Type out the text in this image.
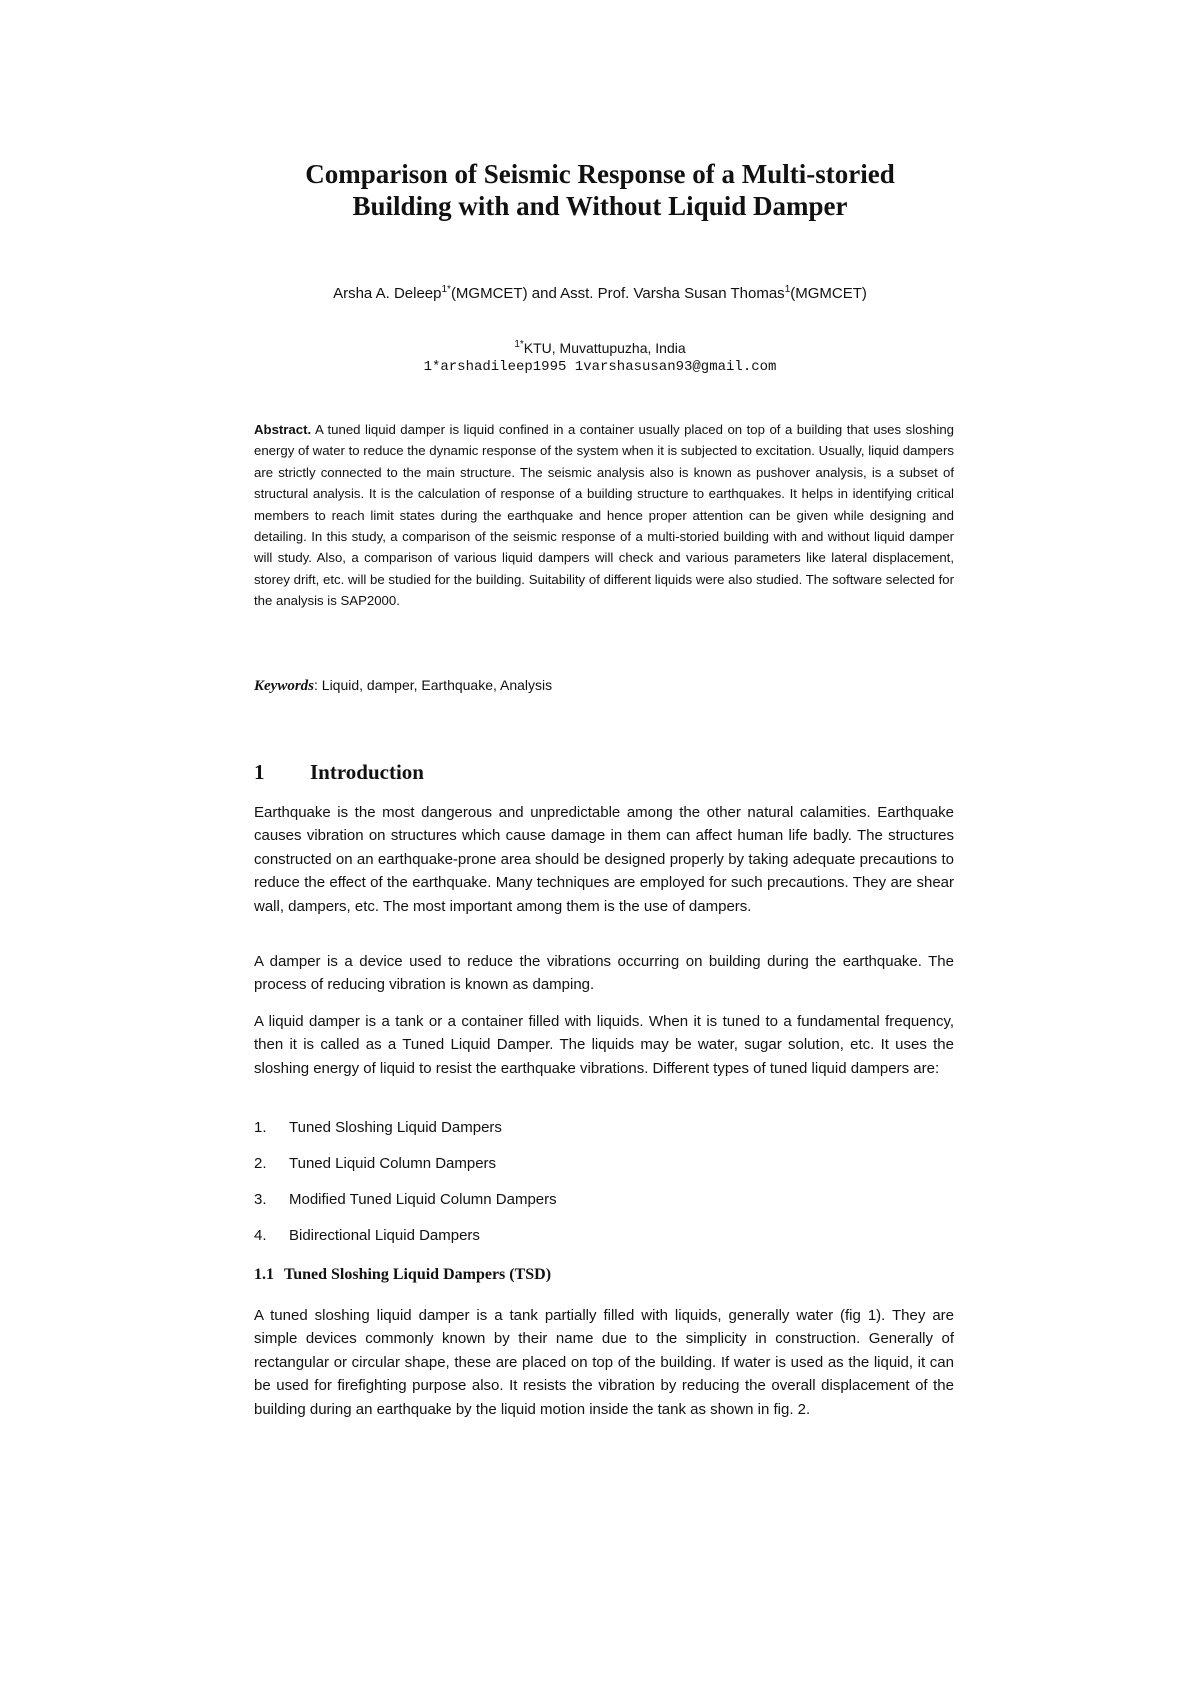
Comparison of Seismic Response of a Multi-storied
Building with and Without Liquid Damper
Arsha A. Deleep$^{1*}$(MGMCET) and Asst. Prof. Varsha Susan Thomas$^1$(MGMCET)
$^{1*}$KTU, Muvattupuzha, India
1*arshadileep1995 1varshasusan93@gmail.com

Abstract. A tuned liquid damper is liquid confined in a container usually placed on top of a building that uses sloshing energy of water to reduce the dynamic response of the system when it is subjected to excitation. Usually, liquid dampers are strictly connected to the main structure. The seismic analysis also is known as pushover analysis, is a subset of structural analysis. It is the calculation of response of a building structure to earthquakes. It helps in identifying critical members to reach limit states during the earthquake and hence proper attention can be given while designing and detailing. In this study, a comparison of the seismic response of a multi-storied building with and without liquid damper will study. Also, a comparison of various liquid dampers will check and various parameters like lateral displacement, storey drift, etc. will be studied for the building. Suitability of different liquids were also studied. The software selected for the analysis is SAP2000.

Keywords: Liquid, damper, Earthquake, Analysis

1 Introduction

Earthquake is the most dangerous and unpredictable among the other natural calamities. Earthquake causes vibration on structures which cause damage in them can affect human life badly. The structures constructed on an earthquake-prone area should be designed properly by taking adequate precautions to reduce the effect of the earthquake. Many techniques are employed for such precautions. They are shear wall, dampers, etc. The most important among them is the use of dampers.

A damper is a device used to reduce the vibrations occurring on building during the earthquake. The process of reducing vibration is known as damping.

A liquid damper is a tank or a container filled with liquids. When it is tuned to a fundamental frequency, then it is called as a Tuned Liquid Damper. The liquids may be water, sugar solution, etc. It uses the sloshing energy of liquid to resist the earthquake vibrations. Different types of tuned liquid dampers are:

1. Tuned Sloshing Liquid Dampers
2. Tuned Liquid Column Dampers
3. Modified Tuned Liquid Column Dampers
4. Bidirectional Liquid Dampers
1.1 Tuned Sloshing Liquid Dampers (TSD)

A tuned sloshing liquid damper is a tank partially filled with liquids, generally water (fig 1). They are simple devices commonly known by their name due to the simplicity in construction. Generally of rectangular or circular shape, these are placed on top of the building. If water is used as the liquid, it can be used for firefighting purpose also. It resists the vibration by reducing the overall displacement of the building during an earthquake by the liquid motion inside the tank as shown in fig. 2.
